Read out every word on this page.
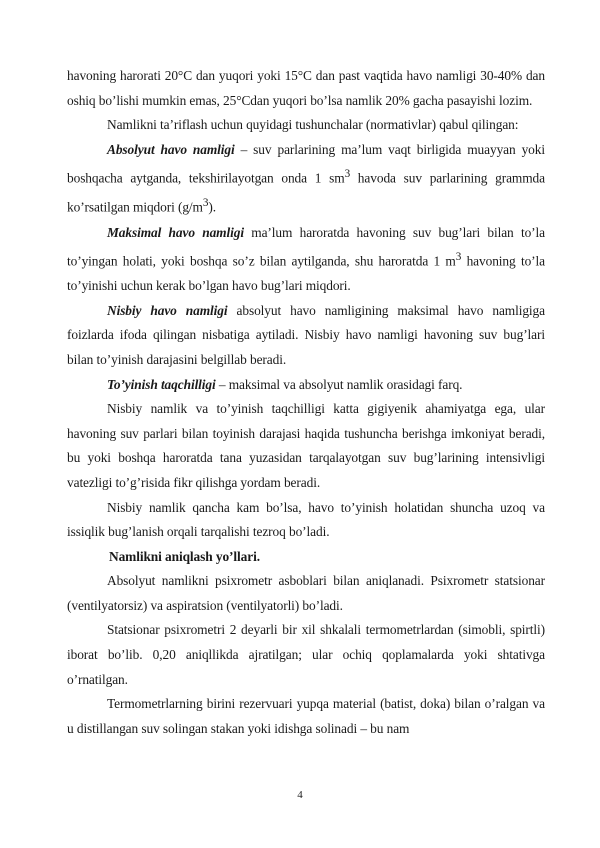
havoning harorati 20°C dan yuqori yoki 15°C dan past vaqtida havo namligi 30-40% dan oshiq bo’lishi mumkin emas, 25°Cdan yuqori bo’lsa namlik 20% gacha pasayishi lozim.

Namlikni ta’riflash uchun quyidagi tushunchalar (normativlar) qabul qilingan:

Absolyut havo namligi – suv parlarining ma’lum vaqt birligida muayyan yoki boshqacha aytganda, tekshirilayotgan onda 1 $sm^3$ havoda suv parlarining grammda ko’rsatilgan miqdori $(g/m^3)$.

Maksimal havo namligi ma’lum haroratda havoning suv bug’lari bilan to’la to’yingan holati, yoki boshqa so’z bilan aytilganda, shu haroratda 1 $m^3$ havoning to’la to’yinishi uchun kerak bo’lgan havo bug’lari miqdori.

Nisbiy havo namligi absolyut havo namligining maksimal havo namligiga foizlarda ifoda qilingan nisbatiga aytiladi. Nisbiy havo namligi havoning suv bug’lari bilan to’yinish darajasini belgillab beradi.

To’yinish taqchilligi – maksimal va absolyut namlik orasidagi farq.

Nisbiy namlik va to’yinish taqchilligi katta gigiyenik ahamiyatga ega, ular havoning suv parlari bilan toyinish darajasi haqida tushuncha berishga imkoniyat beradi, bu yoki boshqa haroratda tana yuzasidan tarqalayotgan suv bug’larining intensivligi vatezligi to’g’risida fikr qilishga yordam beradi.

Nisbiy namlik qancha kam bo’lsa, havo to’yinish holatidan shuncha uzoq va issiqlik bug’lanish orqali tarqalishi tezroq bo’ladi.

Namlikni aniqlash yo’llari.

Absolyut namlikni psixrometr asboblari bilan aniqlanadi. Psixrometr statsionar (ventilyatorsiz) va aspiratsion (ventilyatorli) bo’ladi.

Statsionar psixrometri 2 deyarli bir xil shkalali termometrlardan (simobli, spirtli) iborat bo’lib. 0,20 aniqllikda ajratilgan; ular ochiq qoplamalarda yoki shtativga o’rnatilgan.

Termometrlarning birini rezervuari yupqa material (batist, doka) bilan o’ralgan va u distillangan suv solingan stakan yoki idishga solinadi – bu nam

4
